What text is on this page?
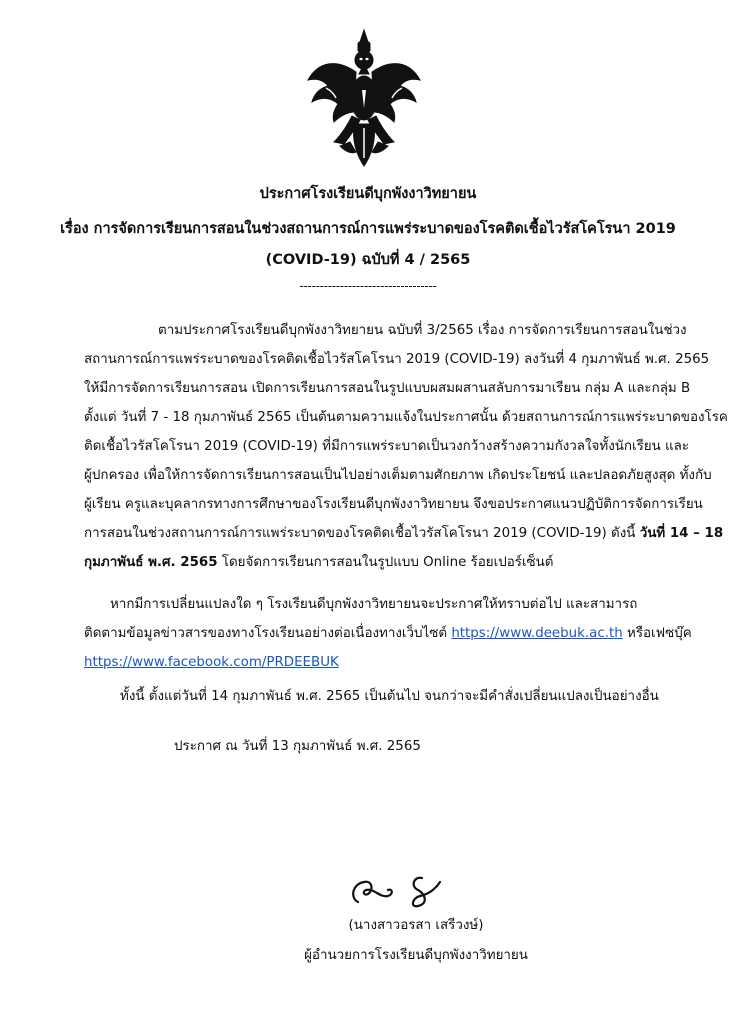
ประกาศโรงเรียนดีบุกพังงาวิทยายน
เรื่อง การจัดการเรียนการสอนในช่วงสถานการณ์การแพร่ระบาดของโรคติดเชื้อไวรัสโคโรนา 2019
(COVID-19) ฉบับที่ 4 / 2565
----------------------------------
ตามประกาศโรงเรียนดีบุกพังงาวิทยายน ฉบับที่ 3/2565 เรื่อง การจัดการเรียนการสอนในช่วง
สถานการณ์การแพร่ระบาดของโรคติดเชื้อไวรัสโคโรนา 2019 (COVID-19) ลงวันที่ 4 กุมภาพันธ์ พ.ศ. 2565
ให้มีการจัดการเรียนการสอน เปิดการเรียนการสอนในรูปแบบผสมผสานสลับการมาเรียน กลุ่ม A และกลุ่ม B
ตั้งแต่ วันที่ 7 - 18 กุมภาพันธ์ 2565 เป็นต้นตามความแจ้งในประกาศนั้น ด้วยสถานการณ์การแพร่ระบาดของโรค
ติดเชื้อไวรัสโคโรนา 2019 (COVID-19) ที่มีการแพร่ระบาดเป็นวงกว้างสร้างความกังวลใจทั้งนักเรียน และ
ผู้ปกครอง เพื่อให้การจัดการเรียนการสอนเป็นไปอย่างเต็มตามศักยภาพ เกิดประโยชน์ และปลอดภัยสูงสุด ทั้งกับ
ผู้เรียน ครูและบุคลากรทางการศึกษาของโรงเรียนดีบุกพังงาวิทยายน จึงขอประกาศแนวปฏิบัติการจัดการเรียน
การสอนในช่วงสถานการณ์การแพร่ระบาดของโรคติดเชื้อไวรัสโคโรนา 2019 (COVID-19) ดังนี้ วันที่ 14 – 18
กุมภาพันธ์ พ.ศ. 2565 โดยจัดการเรียนการสอนในรูปแบบ Online ร้อยเปอร์เซ็นต์
หากมีการเปลี่ยนแปลงใด ๆ โรงเรียนดีบุกพังงาวิทยายนจะประกาศให้ทราบต่อไป และสามารถ
ติดตามข้อมูลข่าวสารของทางโรงเรียนอย่างต่อเนื่องทางเว็บไซต์ https://www.deebuk.ac.th หรือเฟซบุ๊ค
https://www.facebook.com/PRDEEBUK
ทั้งนี้ ตั้งแต่วันที่ 14 กุมภาพันธ์ พ.ศ. 2565 เป็นต้นไป จนกว่าจะมีคำสั่งเปลี่ยนแปลงเป็นอย่างอื่น
ประกาศ ณ วันที่ 13 กุมภาพันธ์ พ.ศ. 2565
(นางสาวอรสา เสรีวงษ์)
ผู้อำนวยการโรงเรียนดีบุกพังงาวิทยายน
